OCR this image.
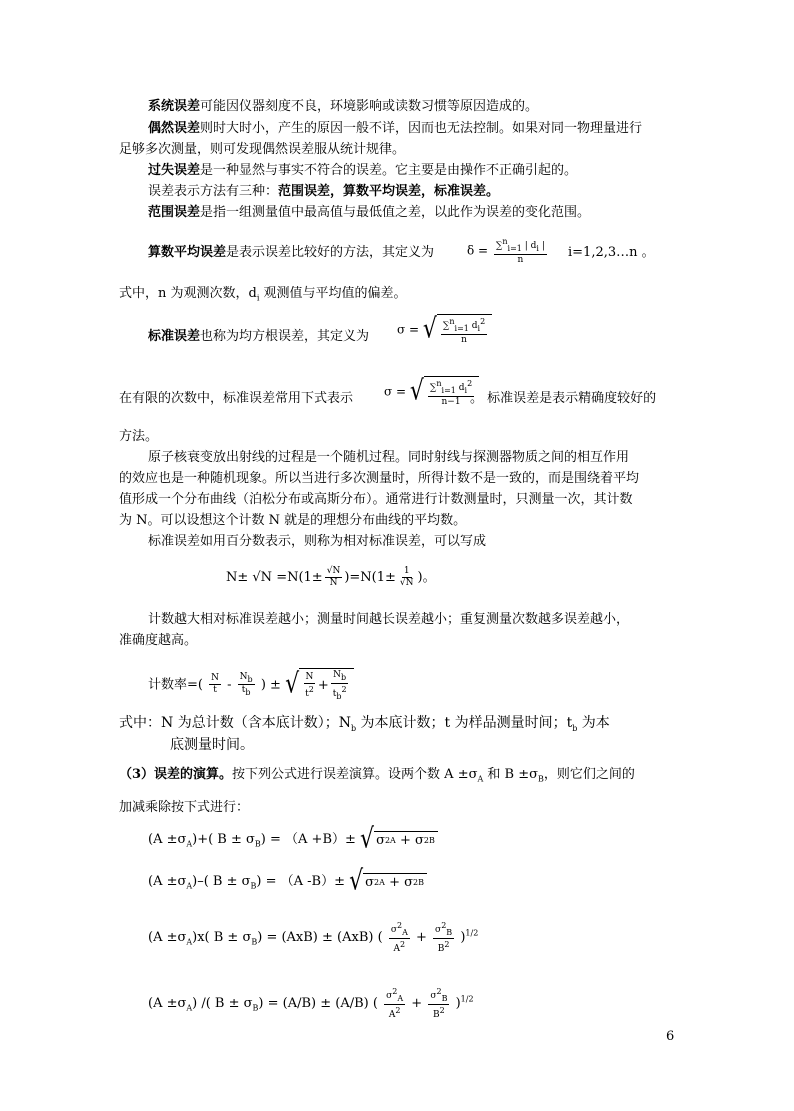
系统误差可能因仪器刻度不良，环境影响或读数习惯等原因造成的。
偶然误差则时大时小，产生的原因一般不详，因而也无法控制。如果对同一物理量进行
足够多次测量，则可发现偶然误差服从统计规律。
过失误差是一种显然与事实不符合的误差。它主要是由操作不正确引起的。
误差表示方法有三种：范围误差，算数平均误差，标准误差。
范围误差是指一组测量值中最高值与最低值之差，以此作为误差的变化范围。
算数平均误差是表示误差比较好的方法，其定义为	$\delta = \frac{\sum^n_{i=1} | d_i |}{n}$ i=1,2,3…n 。
式中，n 为观测次数，$d_i$ 观测值与平均值的偏差。
标准误差也称为均方根误差，其定义为 σ = √ $\frac{\sum^n_{i=1} d_i^2}{n}$
在有限的次数中，标准误差常用下式表示	σ = √ $\frac{\sum^n_{i=1} d_i^2}{n-1}$
。 标准误差是表示精确度较好的
方法。
原子核衰变放出射线的过程是一个随机过程。同时射线与探测器物质之间的相互作用
的效应也是一种随机现象。所以当进行多次测量时，所得计数不是一致的，而是围绕着平均
值形成一个分布曲线（泊松分布或高斯分布）。通常进行计数测量时，只测量一次，其计数
为 N。可以设想这个计数 N 就是的理想分布曲线的平均数。
标准误差如用百分数表示，则称为相对标准误差，可以写成
$N\pm √N =N(1\pm \frac{√N}{N} )=N(1\pm \frac{1}{√N}$ )。
计数越大相对标准误差越小；测量时间越长误差越小；重复测量次数越多误差越小，
准确度越高。
计数率=( $\frac{N}{t} - \frac{N_b}{t_b}$ ) ± √ $\frac{N}{t^2} + \frac{N_b}{t_b^2}$
式中：N 为总计数（含本底计数）；$N_b$ 为本底计数；t 为样品测量时间；$t_b$ 为本
底测量时间。
（3）误差的演算。按下列公式进行误差演算。设两个数 $A \pm\sigma_A$ 和 $B \pm\sigma_B$，则它们之间的
加减乘除按下式进行：
$(A \pm\sigma_A)+$( $B \pm \sigma_B) = (A +B)\pm$ √ σ 2 A
+
σ 2 B
$(A \pm\sigma_A)-$( $B \pm \sigma_B) = (A$ -B）± √ σ 2 A
+
σ 2 B
$(A \pm\sigma_A)x$( $B \pm \sigma_B) = (AxB) \pm (AxB)$ ( $\frac{\sigma^2_A}{A^2} + \frac{\sigma^2_B}{B^2} )^{1/2}$
$(A \pm\sigma_A)$ /( $B \pm \sigma_B) = (A/B) \pm (A/B)$ ( $\frac{\sigma^2_A}{A^2} + \frac{\sigma^2_B}{B^2} )^{1/2}$
6
